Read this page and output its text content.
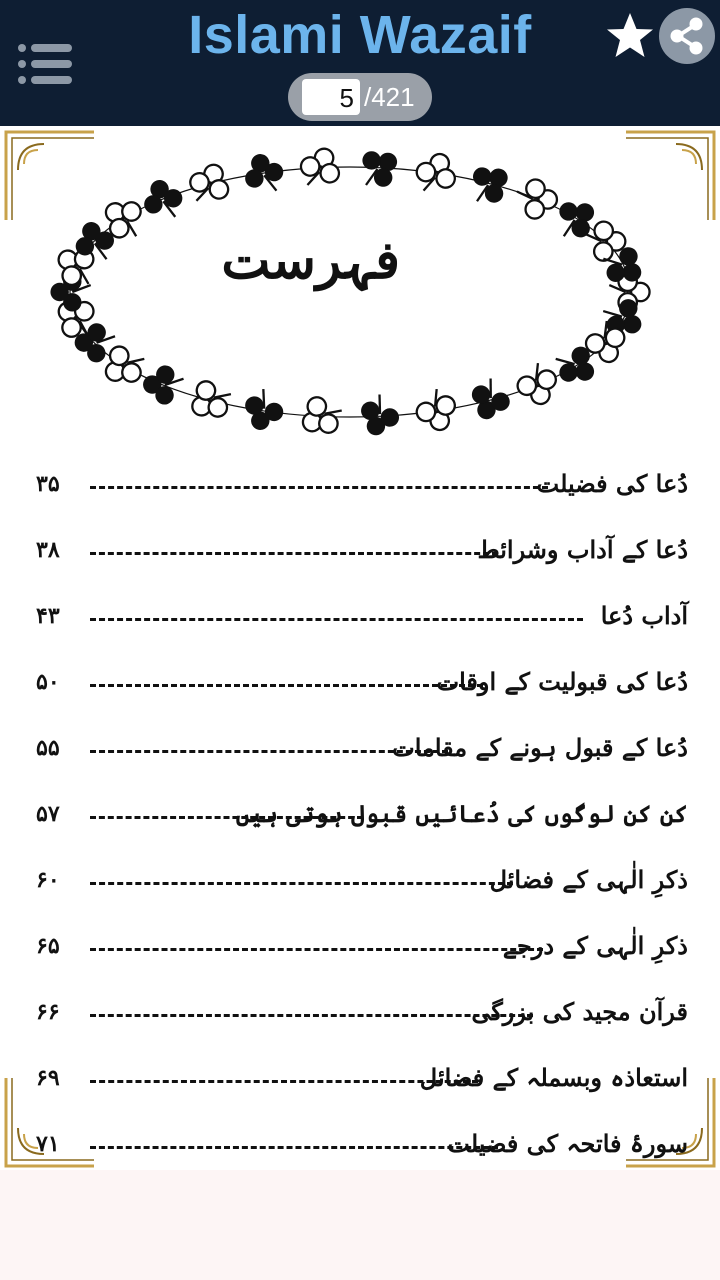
Islami Wazaif
5 /421
فہرست
دُعا کی فضیلت
۳۵
دُعا کے آداب وشرائط
۳۸
آداب دُعا
۴۳
دُعا کی قبولیت کے اوقات
۵۰
دُعا کے قبول ہونے کے مقامات
۵۵
کن کن لوگوں کی دُعائیں قبول ہوتی ہیں
۵۷
ذکرِ الٰہی کے فضائل
۶۰
ذکرِ الٰہی کے درجے
۶۵
قرآن مجید کی بزرگی
۶۶
استعاذہ وبسملہ کے فضائل
۶۹
سورۂ فاتحہ کی فضیلت
۷۱
